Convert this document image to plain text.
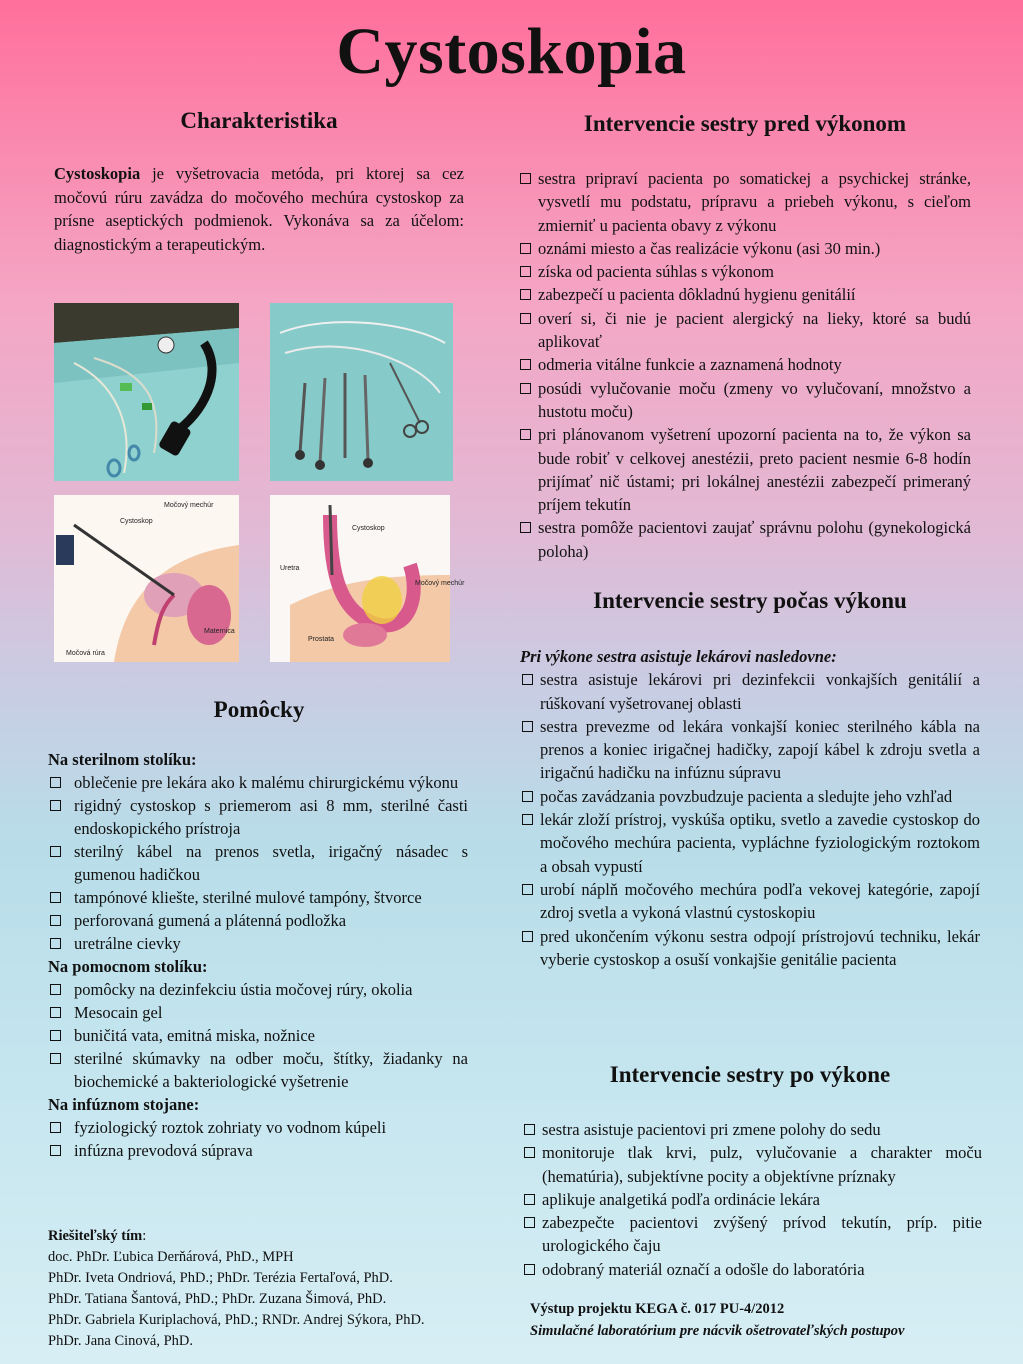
Cystoskopia
Charakteristika
Cystoskopia je vyšetrovacia metóda, pri ktorej sa cez močovú rúru zavádza do močového mechúra cystoskop za prísne aseptických podmienok. Vykonáva sa za účelom: diagnostickým a terapeutickým.
Cystoskop
Močový mechúr
Maternica
Močová rúra
Cystoskop
Uretra
Močový mechúr
Prostata
Pomôcky
Na sterilnom stolíku:
oblečenie pre lekára ako k malému chirurgickému výkonu
rigidný cystoskop s priemerom asi 8 mm, sterilné časti endoskopického prístroja
sterilný kábel na prenos svetla, irigačný násadec s gumenou hadičkou
tampónové kliešte, sterilné mulové tampóny, štvorce
perforovaná gumená a plátenná podložka
uretrálne cievky
Na pomocnom stolíku:
pomôcky na dezinfekciu ústia močovej rúry, okolia
Mesocain gel
buničitá vata, emitná miska, nožnice
sterilné skúmavky na odber moču, štítky, žiadanky na biochemické a bakteriologické vyšetrenie
Na infúznom stojane:
fyziologický roztok zohriaty vo vodnom kúpeli
infúzna prevodová súprava
Riešiteľský tím:
doc. PhDr. Ľubica Derňárová, PhD., MPH
PhDr. Iveta Ondriová, PhD.; PhDr. Terézia Fertaľová, PhD.
PhDr. Tatiana Šantová, PhD.; PhDr. Zuzana Šimová, PhD.
PhDr. Gabriela Kuriplachová, PhD.; RNDr. Andrej Sýkora, PhD.
PhDr. Jana Cinová, PhD.
Intervencie sestry pred výkonom
sestra pripraví pacienta po somatickej a psychickej stránke, vysvetlí mu podstatu, prípravu a priebeh výkonu, s cieľom zmierniť u pacienta obavy z výkonu
oznámi miesto a čas realizácie výkonu (asi 30 min.)
získa od pacienta súhlas s výkonom
zabezpečí u pacienta dôkladnú hygienu genitálií
overí si, či nie je pacient alergický na lieky, ktoré sa budú aplikovať
odmeria vitálne funkcie a zaznamená hodnoty
posúdi vylučovanie moču (zmeny vo vylučovaní, množstvo a hustotu moču)
pri plánovanom vyšetrení upozorní pacienta na to, že výkon sa bude robiť v celkovej anestézii, preto pacient nesmie 6-8 hodín prijímať nič ústami; pri lokálnej anestézii zabezpečí primeraný príjem tekutín
sestra pomôže pacientovi zaujať správnu polohu (gynekologická poloha)
Intervencie sestry počas výkonu
Pri výkone sestra asistuje lekárovi nasledovne:
sestra asistuje lekárovi pri dezinfekcii vonkajších genitálií a rúškovaní vyšetrovanej oblasti
sestra prevezme od lekára vonkajší koniec sterilného kábla na prenos a koniec irigačnej hadičky, zapojí kábel k zdroju svetla a irigačnú hadičku na infúznu súpravu
počas zavádzania povzbudzuje pacienta a sledujte jeho vzhľad
lekár zloží prístroj, vyskúša optiku, svetlo a zavedie cystoskop do močového mechúra pacienta, vypláchne fyziologickým roztokom a obsah vypustí
urobí náplň močového mechúra podľa vekovej kategórie, zapojí zdroj svetla a vykoná vlastnú cystoskopiu
pred ukončením výkonu sestra odpojí prístrojovú techniku, lekár vyberie cystoskop a osuší vonkajšie genitálie pacienta
Intervencie sestry po výkone
sestra asistuje pacientovi pri zmene polohy do sedu
monitoruje tlak krvi, pulz, vylučovanie a charakter moču (hematúria), subjektívne pocity a objektívne príznaky
aplikuje analgetiká podľa ordinácie lekára
zabezpečte pacientovi zvýšený prívod tekutín, príp. pitie urologického čaju
odobraný materiál označí a odošle do laboratória
Výstup projektu KEGA č. 017 PU-4/2012
Simulačné laboratórium pre nácvik ošetrovateľských postupov
